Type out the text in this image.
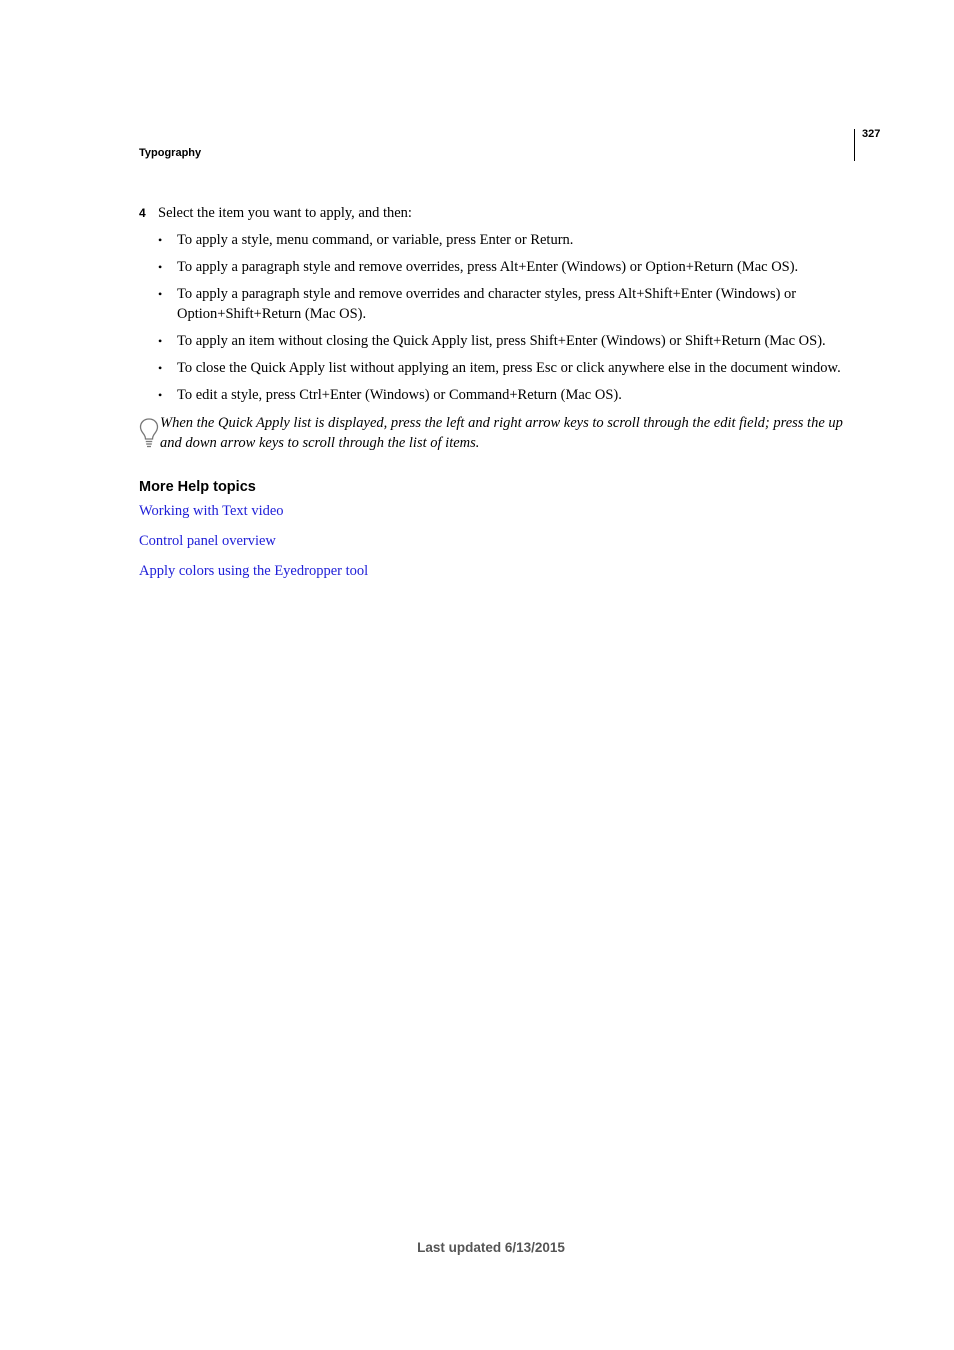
327
Typography
4 Select the item you want to apply, and then:
• To apply a style, menu command, or variable, press Enter or Return.
• To apply a paragraph style and remove overrides, press Alt+Enter (Windows) or Option+Return (Mac OS).
• To apply a paragraph style and remove overrides and character styles, press Alt+Shift+Enter (Windows) or Option+Shift+Return (Mac OS).
• To apply an item without closing the Quick Apply list, press Shift+Enter (Windows) or Shift+Return (Mac OS).
• To close the Quick Apply list without applying an item, press Esc or click anywhere else in the document window.
• To edit a style, press Ctrl+Enter (Windows) or Command+Return (Mac OS).
When the Quick Apply list is displayed, press the left and right arrow keys to scroll through the edit field; press the up and down arrow keys to scroll through the list of items.
More Help topics
Working with Text video
Control panel overview
Apply colors using the Eyedropper tool
Last updated 6/13/2015
